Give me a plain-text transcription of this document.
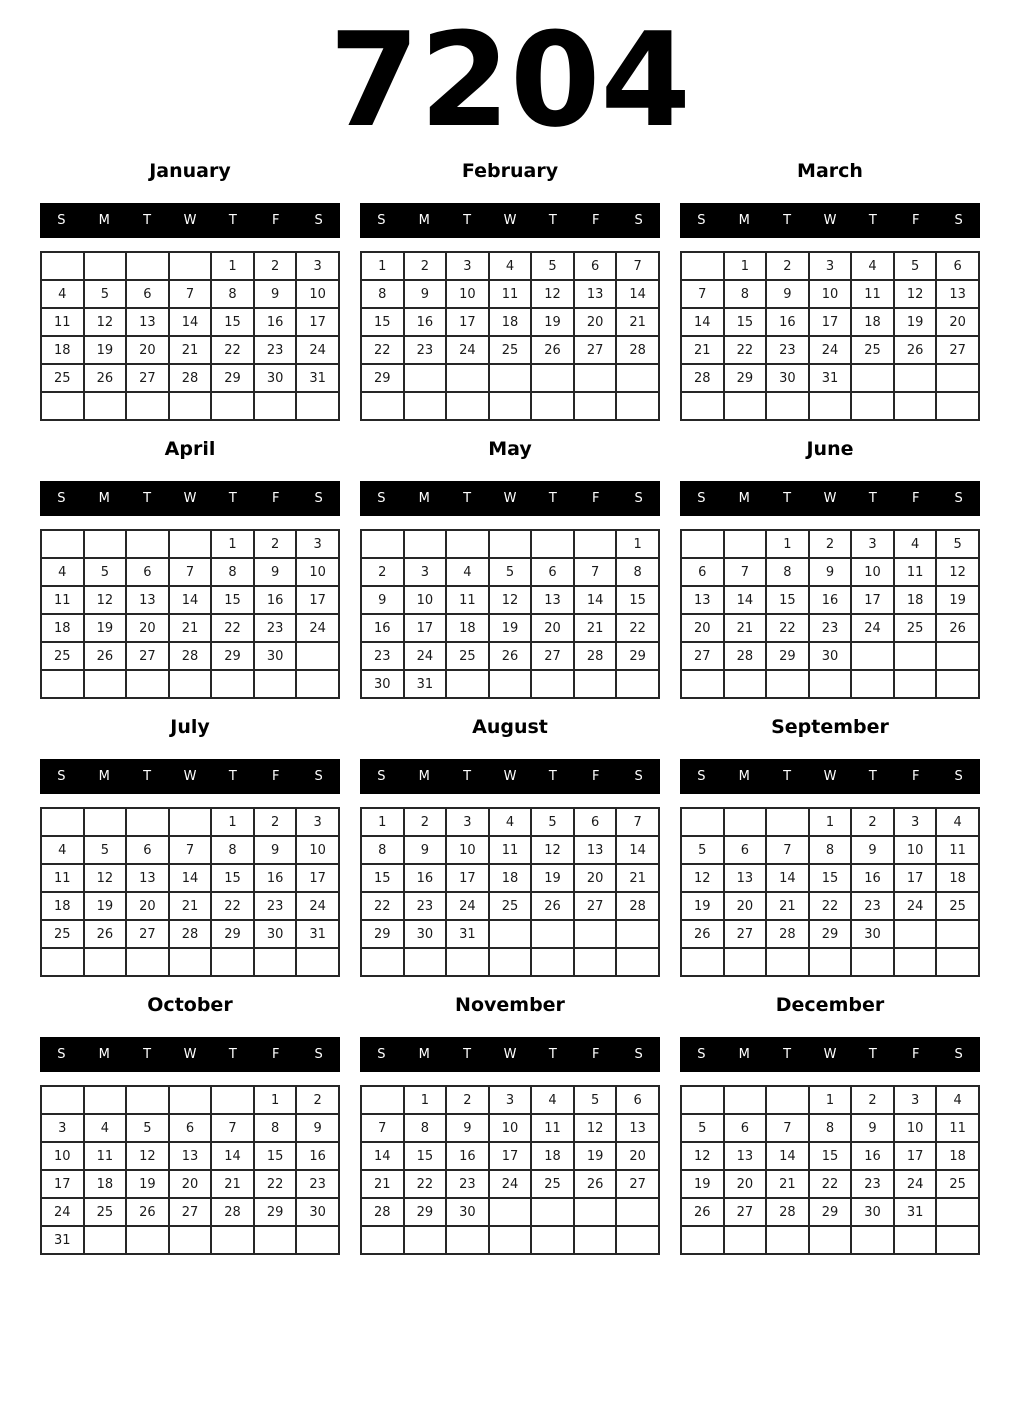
7204
January
S	M	T	W	T	F	S
				1	2	3
4	5	6	7	8	9	10
11	12	13	14	15	16	17
18	19	20	21	22	23	24
25	26	27	28	29	30	31

February
S	M	T	W	T	F	S
1	2	3	4	5	6	7
8	9	10	11	12	13	14
15	16	17	18	19	20	21
22	23	24	25	26	27	28
29						

March
S	M	T	W	T	F	S
	1	2	3	4	5	6
7	8	9	10	11	12	13
14	15	16	17	18	19	20
21	22	23	24	25	26	27
28	29	30	31			

April
S	M	T	W	T	F	S
				1	2	3
4	5	6	7	8	9	10
11	12	13	14	15	16	17
18	19	20	21	22	23	24
25	26	27	28	29	30	

May
S	M	T	W	T	F	S
						1
2	3	4	5	6	7	8
9	10	11	12	13	14	15
16	17	18	19	20	21	22
23	24	25	26	27	28	29
30	31					
June
S	M	T	W	T	F	S
		1	2	3	4	5
6	7	8	9	10	11	12
13	14	15	16	17	18	19
20	21	22	23	24	25	26
27	28	29	30			

July
S	M	T	W	T	F	S
				1	2	3
4	5	6	7	8	9	10
11	12	13	14	15	16	17
18	19	20	21	22	23	24
25	26	27	28	29	30	31

August
S	M	T	W	T	F	S
1	2	3	4	5	6	7
8	9	10	11	12	13	14
15	16	17	18	19	20	21
22	23	24	25	26	27	28
29	30	31				

September
S	M	T	W	T	F	S
			1	2	3	4
5	6	7	8	9	10	11
12	13	14	15	16	17	18
19	20	21	22	23	24	25
26	27	28	29	30		

October
S	M	T	W	T	F	S
					1	2
3	4	5	6	7	8	9
10	11	12	13	14	15	16
17	18	19	20	21	22	23
24	25	26	27	28	29	30
31						
November
S	M	T	W	T	F	S
	1	2	3	4	5	6
7	8	9	10	11	12	13
14	15	16	17	18	19	20
21	22	23	24	25	26	27
28	29	30				

December
S	M	T	W	T	F	S
			1	2	3	4
5	6	7	8	9	10	11
12	13	14	15	16	17	18
19	20	21	22	23	24	25
26	27	28	29	30	31	
